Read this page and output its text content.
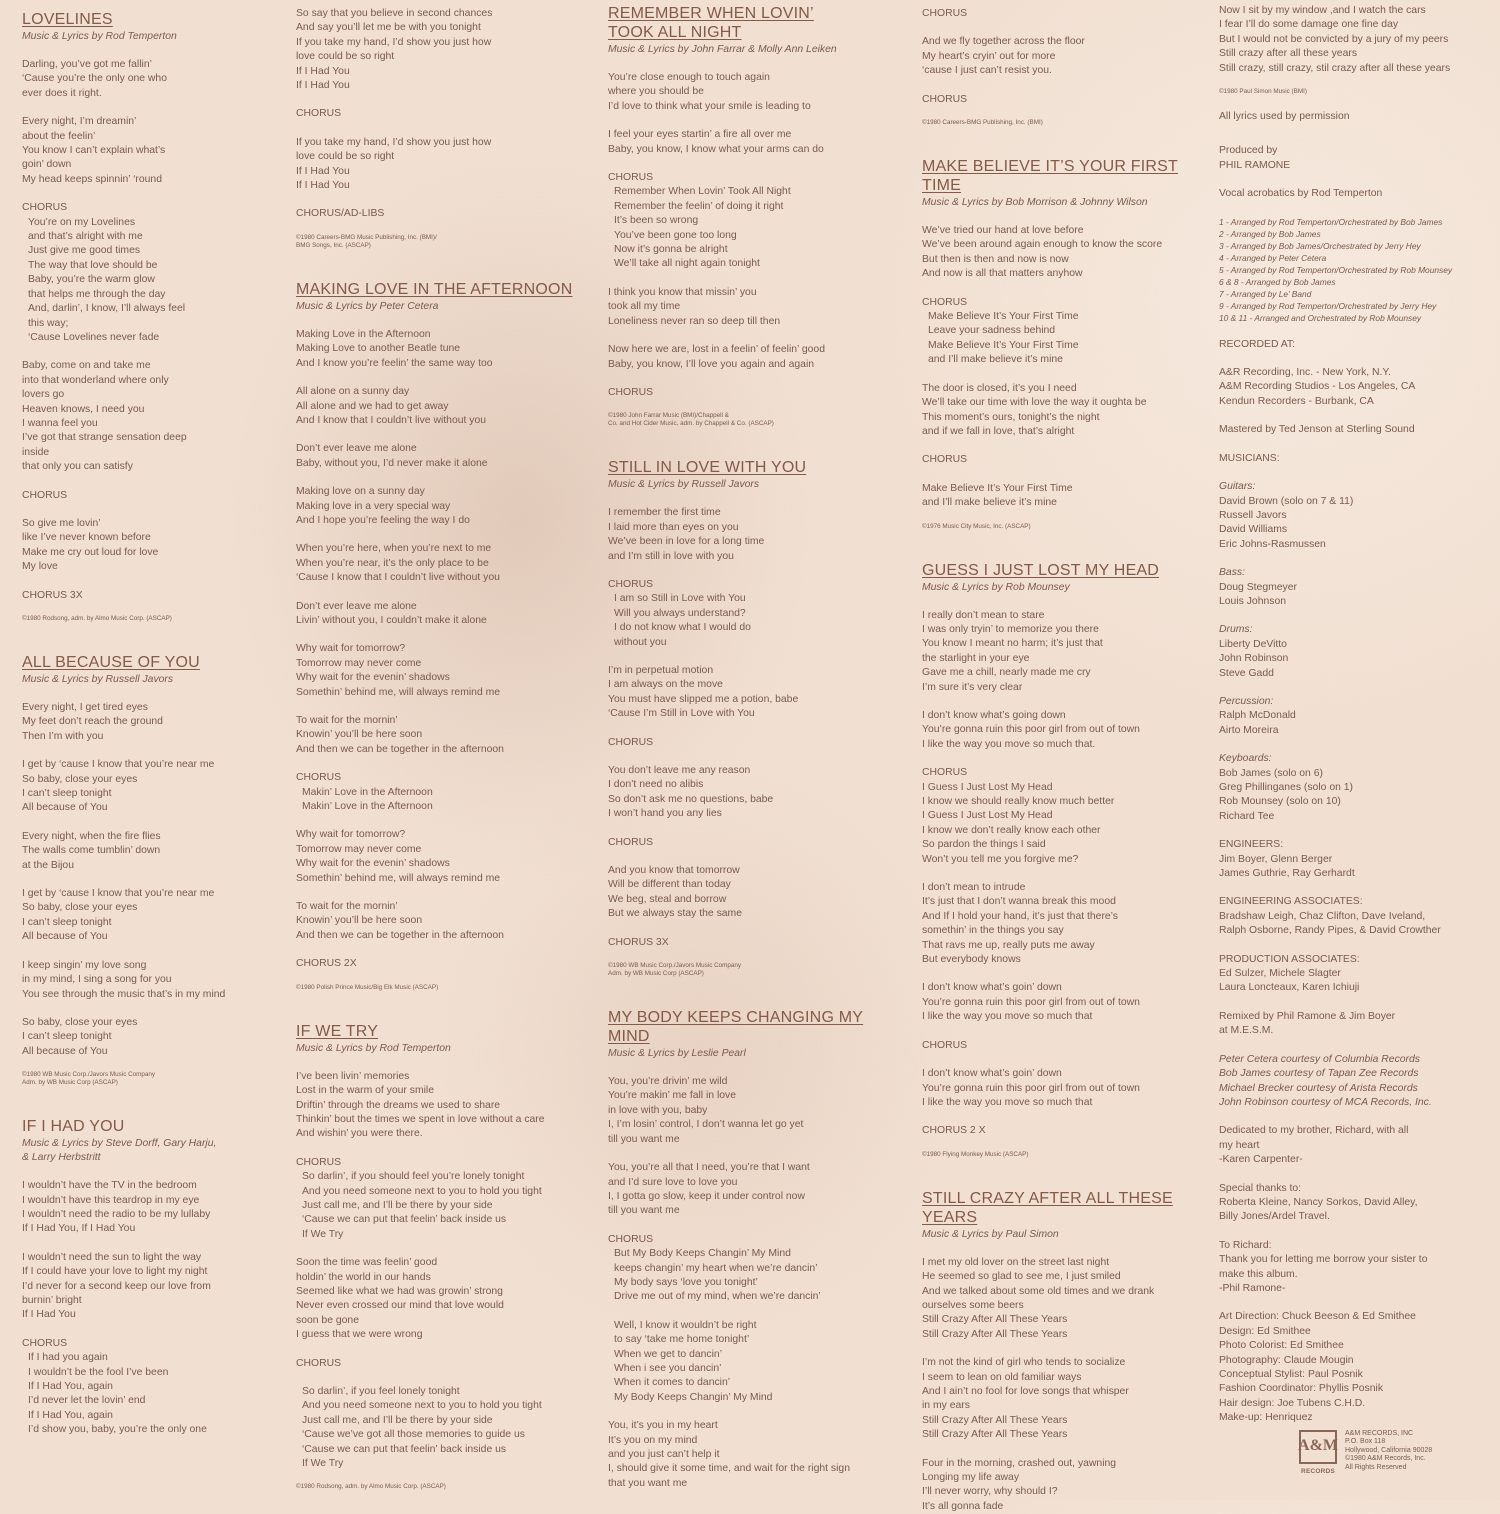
LOVELINES
Music & Lyrics by Rod Temperton
Darling, you’ve got me fallin’
‘Cause you’re the only one who
ever does it right.
Every night, I’m dreamin’
about the feelin’
You know I can’t explain what’s
goin’ down
My head keeps spinnin’ ‘round
CHORUS
You’re on my Lovelines
and that’s alright with me
Just give me good times
The way that love should be
Baby, you’re the warm glow
that helps me through the day
And, darlin’, I know, I’ll always feel
this way;
‘Cause Lovelines never fade
Baby, come on and take me
into that wonderland where only
lovers go
Heaven knows, I need you
I wanna feel you
I’ve got that strange sensation deep
inside
that only you can satisfy
CHORUS
So give me lovin’
like I’ve never known before
Make me cry out loud for love
My love
CHORUS 3X
©1980 Rodsong, adm. by Almo Music Corp. (ASCAP)
ALL BECAUSE OF YOU
Music & Lyrics by Russell Javors
Every night, I get tired eyes
My feet don’t reach the ground
Then I’m with you
I get by ‘cause I know that you’re near me
So baby, close your eyes
I can’t sleep tonight
All because of You
Every night, when the fire flies
The walls come tumblin’ down
at the Bijou
I get by ‘cause I know that you’re near me
So baby, close your eyes
I can’t sleep tonight
All because of You
I keep singin’ my love song
in my mind, I sing a song for you
You see through the music that’s in my mind
So baby, close your eyes
I can’t sleep tonight
All because of You
©1980 WB Music Corp./Javors Music Company
Adm. by WB Music Corp (ASCAP)
IF I HAD YOU
Music & Lyrics by Steve Dorff, Gary Harju,
& Larry Herbstritt
I wouldn’t have the TV in the bedroom
I wouldn’t have this teardrop in my eye
I wouldn’t need the radio to be my lullaby
If I Had You, If I Had You
I wouldn’t need the sun to light the way
If I could have your love to light my night
I’d never for a second keep our love from
burnin’ bright
If I Had You
CHORUS
If I had you again
I wouldn’t be the fool I’ve been
If I Had You, again
I’d never let the lovin’ end
If I Had You, again
I’d show you, baby, you’re the only one
So say that you believe in second chances
And say you’ll let me be with you tonight
If you take my hand, I’d show you just how
love could be so right
If I Had You
If I Had You
CHORUS
If you take my hand, I’d show you just how
love could be so right
If I Had You
If I Had You
CHORUS/AD-LIBS
©1980 Careers-BMG Music Publishing, Inc. (BMI)/
BMG Songs, Inc. (ASCAP)
MAKING LOVE IN THE AFTERNOON
Music & Lyrics by Peter Cetera
Making Love in the Afternoon
Making Love to another Beatle tune
And I know you’re feelin’ the same way too
All alone on a sunny day
All alone and we had to get away
And I know that I couldn’t live without you
Don’t ever leave me alone
Baby, without you, I’d never make it alone
Making love on a sunny day
Making love in a very special way
And I hope you’re feeling the way I do
When you’re here, when you’re next to me
When you’re near, it’s the only place to be
‘Cause I know that I couldn’t live without you
Don’t ever leave me alone
Livin’ without you, I couldn’t make it alone
Why wait for tomorrow?
Tomorrow may never come
Why wait for the evenin’ shadows
Somethin’ behind me, will always remind me
To wait for the mornin’
Knowin’ you’ll be here soon
And then we can be together in the afternoon
CHORUS
Makin’ Love in the Afternoon
Makin’ Love in the Afternoon
Why wait for tomorrow?
Tomorrow may never come
Why wait for the evenin’ shadows
Somethin’ behind me, will always remind me
To wait for the mornin’
Knowin’ you’ll be here soon
And then we can be together in the afternoon
CHORUS 2X
©1980 Polish Prince Music/Big Elk Music (ASCAP)
IF WE TRY
Music & Lyrics by Rod Temperton
I’ve been livin’ memories
Lost in the warm of your smile
Driftin’ through the dreams we used to share
Thinkin’ bout the times we spent in love without a care
And wishin’ you were there.
CHORUS
So darlin’, if you should feel you’re lonely tonight
And you need someone next to you to hold you tight
Just call me, and I’ll be there by your side
‘Cause we can put that feelin’ back inside us
If We Try
Soon the time was feelin’ good
holdin’ the world in our hands
Seemed like what we had was growin’ strong
Never even crossed our mind that love would
soon be gone
I guess that we were wrong
CHORUS
So darlin’, if you feel lonely tonight
And you need someone next to you to hold you tight
Just call me, and I’ll be there by your side
‘Cause we’ve got all those memories to guide us
‘Cause we can put that feelin’ back inside us
If We Try
©1980 Rodsong, adm. by Almo Music Corp. (ASCAP)
REMEMBER WHEN LOVIN’
TOOK ALL NIGHT
Music & Lyrics by John Farrar & Molly Ann Leiken
You’re close enough to touch again
where you should be
I’d love to think what your smile is leading to
I feel your eyes startin’ a fire all over me
Baby, you know, I know what your arms can do
CHORUS
Remember When Lovin’ Took All Night
Remember the feelin’ of doing it right
It’s been so wrong
You’ve been gone too long
Now it’s gonna be alright
We’ll take all night again tonight
I think you know that missin’ you
took all my time
Loneliness never ran so deep till then
Now here we are, lost in a feelin’ of feelin’ good
Baby, you know, I’ll love you again and again
CHORUS
©1980 John Farrar Music (BMI)/Chappell &
Co. and Hot Cider Music, adm. by Chappell & Co. (ASCAP)
STILL IN LOVE WITH YOU
Music & Lyrics by Russell Javors
I remember the first time
I laid more than eyes on you
We’ve been in love for a long time
and I’m still in love with you
CHORUS
I am so Still in Love with You
Will you always understand?
I do not know what I would do
without you
I’m in perpetual motion
I am always on the move
You must have slipped me a potion, babe
‘Cause I’m Still in Love with You
CHORUS
You don’t leave me any reason
I don’t need no alibis
So don’t ask me no questions, babe
I won’t hand you any lies
CHORUS
And you know that tomorrow
Will be different than today
We beg, steal and borrow
But we always stay the same
CHORUS 3X
©1980 WB Music Corp./Javors Music Company
Adm. by WB Music Corp (ASCAP)
MY BODY KEEPS CHANGING MY MIND
Music & Lyrics by Leslie Pearl
You, you’re drivin’ me wild
You’re makin’ me fall in love
in love with you, baby
I, I’m losin’ control, I don’t wanna let go yet
till you want me
You, you’re all that I need, you’re that I want
and I’d sure love to love you
I, I gotta go slow, keep it under control now
till you want me
CHORUS
But My Body Keeps Changin’ My Mind
keeps changin’ my heart when we’re dancin’
My body says ‘love you tonight’
Drive me out of my mind, when we’re dancin’
Well, I know it wouldn’t be right
to say ‘take me home tonight’
When we get to dancin’
When i see you dancin’
When it comes to dancin’
My Body Keeps Changin’ My Mind
You, it’s you in my heart
It’s you on my mind
and you just can’t help it
I, should give it some time, and wait for the right sign
that you want me
CHORUS
And we fly together across the floor
My heart’s cryin’ out for more
‘cause I just can’t resist you.
CHORUS
©1980 Careers-BMG Publishing, Inc. (BMI)
MAKE BELIEVE IT’S YOUR FIRST TIME
Music & Lyrics by Bob Morrison & Johnny Wilson
We’ve tried our hand at love before
We’ve been around again enough to know the score
But then is then and now is now
And now is all that matters anyhow
CHORUS
Make Believe It’s Your First Time
Leave your sadness behind
Make Believe It’s Your First Time
and I’ll make believe it’s mine
The door is closed, it’s you I need
We’ll take our time with love the way it oughta be
This moment’s ours, tonight’s the night
and if we fall in love, that’s alright
CHORUS
Make Believe It’s Your First Time
and I’ll make believe it’s mine
©1976 Music City Music, Inc. (ASCAP)
GUESS I JUST LOST MY HEAD
Music & Lyrics by Rob Mounsey
I really don’t mean to stare
I was only tryin’ to memorize you there
You know I meant no harm; it’s just that
the starlight in your eye
Gave me a chill, nearly made me cry
I’m sure it’s very clear
I don’t know what’s going down
You’re gonna ruin this poor girl from out of town
I like the way you move so much that.
CHORUS
I Guess I Just Lost My Head
I know we should really know much better
I Guess I Just Lost My Head
I know we don’t really know each other
So pardon the things I said
Won’t you tell me you forgive me?
I don’t mean to intrude
It’s just that I don’t wanna break this mood
And If I hold your hand, it’s just that there’s
somethin’ in the things you say
That ravs me up, really puts me away
But everybody knows
I don’t know what’s goin’ down
You’re gonna ruin this poor girl from out of town
I like the way you move so much that
CHORUS
I don’t know what’s goin’ down
You’re gonna ruin this poor girl from out of town
I like the way you move so much that
CHORUS 2 X
©1980 Flying Monkey Music (ASCAP)
STILL CRAZY AFTER ALL THESE YEARS
Music & Lyrics by Paul Simon
I met my old lover on the street last night
He seemed so glad to see me, I just smiled
And we talked about some old times and we drank
ourselves some beers
Still Crazy After All These Years
Still Crazy After All These Years
I’m not the kind of girl who tends to socialize
I seem to lean on old familiar ways
And I ain’t no fool for love songs that whisper
in my ears
Still Crazy After All These Years
Still Crazy After All These Years
Four in the morning, crashed out, yawning
Longing my life away
I’ll never worry, why should I?
It’s all gonna fade
Now I sit by my window ,and I watch the cars
I fear I’ll do some damage one fine day
But I would not be convicted by a jury of my peers
Still crazy after all these years
Still crazy, still crazy, stil crazy after all these years
©1980 Paul Simon Music (BMI)
All lyrics used by permission
Produced by
PHIL RAMONE
Vocal acrobatics by Rod Temperton
1 - Arranged by Rod Temperton/Orchestrated by Bob James
2 - Arranged by Bob James
3 - Arranged by Bob James/Orchestrated by Jerry Hey
4 - Arranged by Peter Cetera
5 - Arranged by Rod Temperton/Orchestrated by Rob Mounsey
6 & 8 - Arranged by Bob James
7 - Arranged by Le’ Band
9 - Arranged by Rod Temperton/Orchestrated by Jerry Hey
10 & 11 - Arranged and Orchestrated by Rob Mounsey
RECORDED AT:
A&R Recording, Inc. - New York, N.Y.
A&M Recording Studios - Los Angeles, CA
Kendun Recorders - Burbank, CA
Mastered by Ted Jenson at Sterling Sound
MUSICIANS:
Guitars:
David Brown (solo on 7 & 11)
Russell Javors
David Williams
Eric Johns-Rasmussen
Bass:
Doug Stegmeyer
Louis Johnson
Drums:
Liberty DeVitto
John Robinson
Steve Gadd
Percussion:
Ralph McDonald
Airto Moreira
Keyboards:
Bob James (solo on 6)
Greg Phillinganes (solo on 1)
Rob Mounsey (solo on 10)
Richard Tee
ENGINEERS:
Jim Boyer, Glenn Berger
James Guthrie, Ray Gerhardt
ENGINEERING ASSOCIATES:
Bradshaw Leigh, Chaz Clifton, Dave Iveland,
Ralph Osborne, Randy Pipes, & David Crowther
PRODUCTION ASSOCIATES:
Ed Sulzer, Michele Slagter
Laura Loncteaux, Karen Ichiuji
Remixed by Phil Ramone & Jim Boyer
at M.E.S.M.
Peter Cetera courtesy of Columbia Records
Bob James courtesy of Tapan Zee Records
Michael Brecker courtesy of Arista Records
John Robinson courtesy of MCA Records, Inc.
Dedicated to my brother, Richard, with all
my heart
-Karen Carpenter-
Special thanks to:
Roberta Kleine, Nancy Sorkos, David Alley,
Billy Jones/Ardel Travel.
To Richard:
Thank you for letting me borrow your sister to
make this album.
-Phil Ramone-
Art Direction: Chuck Beeson & Ed Smithee
Design: Ed Smithee
Photo Colorist: Ed Smithee
Photography: Claude Mougin
Conceptual Stylist: Paul Posnik
Fashion Coordinator: Phyllis Posnik
Hair design: Joe Tubens C.H.D.
Make-up: Henriquez
A&M
RECORDS
A&M RECORDS, INC
P.O. Box 118
Hollywood, California 90028
©1980 A&M Records, Inc.
All Rights Reserved
